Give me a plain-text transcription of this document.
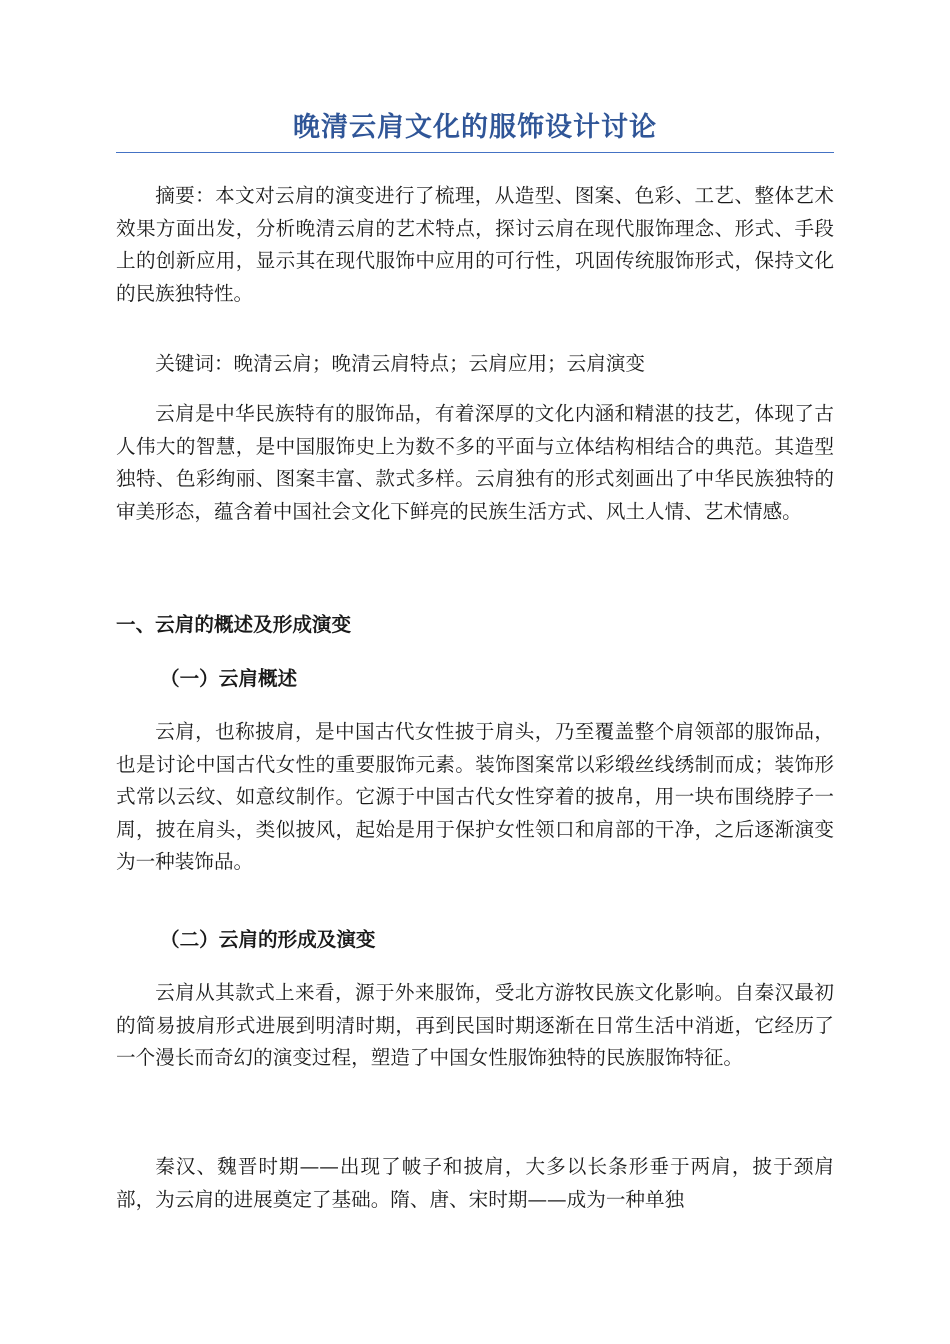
晚清云肩文化的服饰设计讨论

摘要：本文对云肩的演变进行了梳理，从造型、图案、色彩、工艺、整体艺术效果方面出发，分析晚清云肩的艺术特点，探讨云肩在现代服饰理念、形式、手段上的创新应用，显示其在现代服饰中应用的可行性，巩固传统服饰形式，保持文化的民族独特性。

关键词：晚清云肩；晚清云肩特点；云肩应用；云肩演变

云肩是中华民族特有的服饰品，有着深厚的文化内涵和精湛的技艺，体现了古人伟大的智慧，是中国服饰史上为数不多的平面与立体结构相结合的典范。其造型独特、色彩绚丽、图案丰富、款式多样。云肩独有的形式刻画出了中华民族独特的审美形态，蕴含着中国社会文化下鲜亮的民族生活方式、风土人情、艺术情感。

一、云肩的概述及形成演变
（一）云肩概述

云肩，也称披肩，是中国古代女性披于肩头，乃至覆盖整个肩领部的服饰品，也是讨论中国古代女性的重要服饰元素。装饰图案常以彩缎丝线绣制而成；装饰形式常以云纹、如意纹制作。它源于中国古代女性穿着的披帛，用一块布围绕脖子一周，披在肩头，类似披风，起始是用于保护女性领口和肩部的干净，之后逐渐演变为一种装饰品。

（二）云肩的形成及演变

云肩从其款式上来看，源于外来服饰，受北方游牧民族文化影响。自秦汉最初的简易披肩形式进展到明清时期，再到民国时期逐渐在日常生活中消逝，它经历了一个漫长而奇幻的演变过程，塑造了中国女性服饰独特的民族服饰特征。

秦汉、魏晋时期——出现了帔子和披肩，大多以长条形垂于两肩，披于颈肩部，为云肩的进展奠定了基础。隋、唐、宋时期——成为一种单独
